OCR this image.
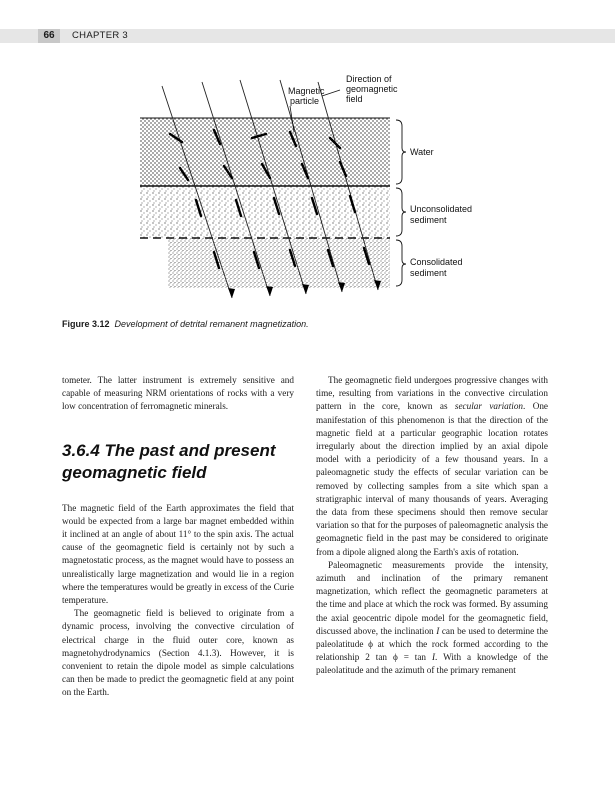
66	CHAPTER 3
Magnetic
particle
Direction of
geomagnetic
field
Water
Unconsolidated
sediment
Consolidated
sediment
Figure 3.12 Development of detrital remanent magnetization.

tometer. The latter instrument is extremely sensitive and capable of measuring NRM orientations of rocks with a very low concentration of ferromagnetic minerals.

3.6.4 The past and present geomagnetic field

The magnetic field of the Earth approximates the field that would be expected from a large bar magnet embedded within it inclined at an angle of about 11° to the spin axis. The actual cause of the geomagnetic field is certainly not by such a magnetostatic process, as the magnet would have to possess an unrealistically large magnetization and would lie in a region where the temperatures would be greatly in excess of the Curie temperature.

The geomagnetic field is believed to originate from a dynamic process, involving the convective circulation of electrical charge in the fluid outer core, known as magnetohydrodynamics (Section 4.1.3). However, it is convenient to retain the dipole model as simple calculations can then be made to predict the geomagnetic field at any point on the Earth.

The geomagnetic field undergoes progressive changes with time, resulting from variations in the convective circulation pattern in the core, known as secular variation. One manifestation of this phenomenon is that the direction of the magnetic field at a particular geographic location rotates irregularly about the direction implied by an axial dipole model with a periodicity of a few thousand years. In a paleomagnetic study the effects of secular variation can be removed by collecting samples from a site which span a stratigraphic interval of many thousands of years. Averaging the data from these specimens should then remove secular variation so that for the purposes of paleomagnetic analysis the geomagnetic field in the past may be considered to originate from a dipole aligned along the Earth's axis of rotation.

Paleomagnetic measurements provide the intensity, azimuth and inclination of the primary remanent magnetization, which reflect the geomagnetic parameters at the time and place at which the rock was formed. By assuming the axial geocentric dipole model for the geomagnetic field, discussed above, the inclination I can be used to determine the paleolatitude ϕ at which the rock formed according to the relationship 2 tan ϕ = tan I. With a knowledge of the paleolatitude and the azimuth of the primary remanent
